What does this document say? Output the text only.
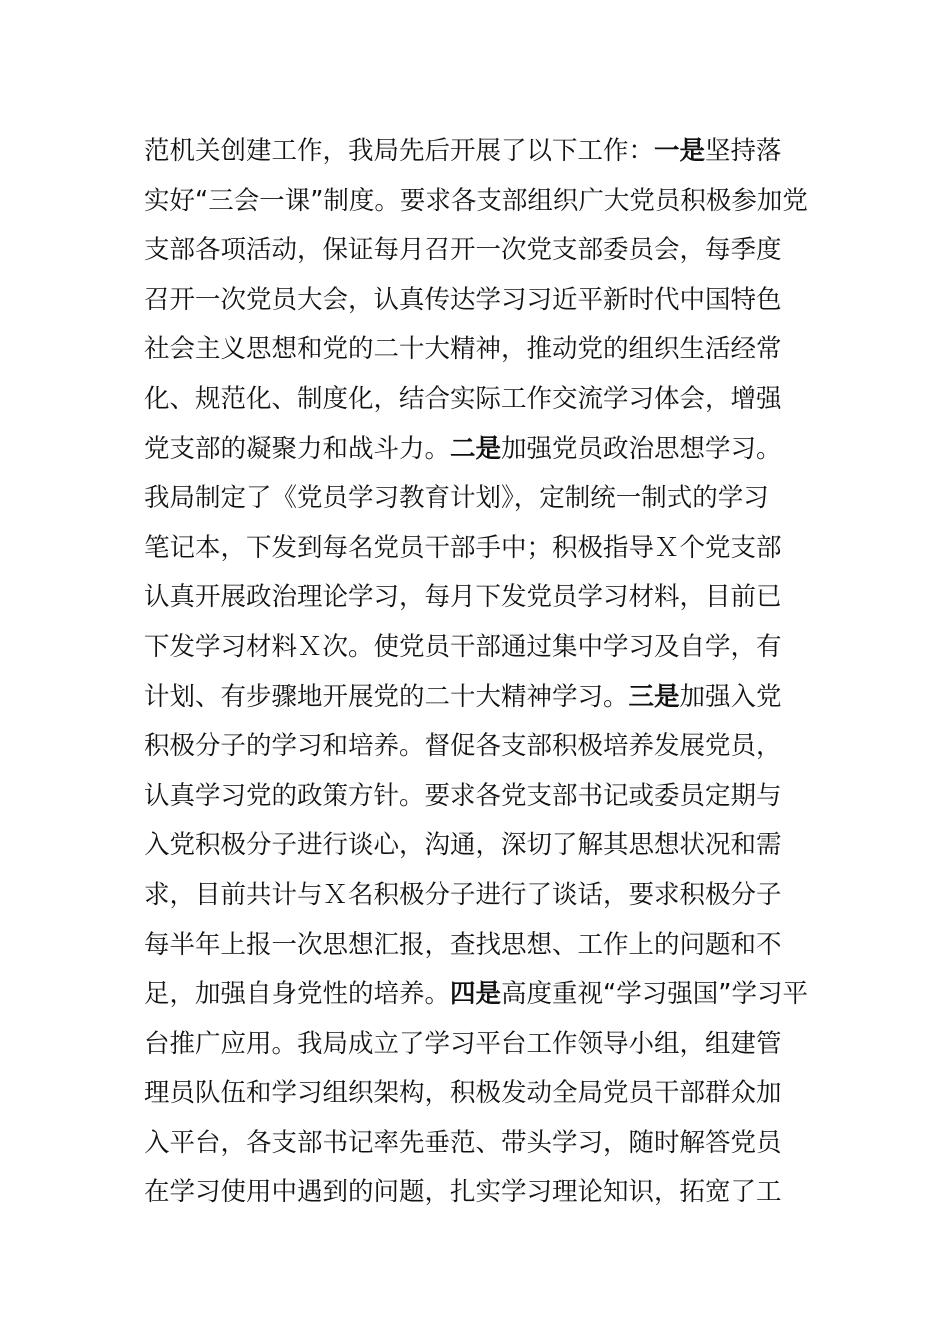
范机关创建工作，我局先后开展了以下工作：一是坚持落
实好“三会一课”制度。要求各支部组织广大党员积极参加党
支部各项活动，保证每月召开一次党支部委员会，每季度
召开一次党员大会，认真传达学习习近平新时代中国特色
社会主义思想和党的二十大精神，推动党的组织生活经常
化、规范化、制度化，结合实际工作交流学习体会，增强
党支部的凝聚力和战斗力。二是加强党员政治思想学习。
我局制定了《党员学习教育计划》，定制统一制式的学习
笔记本，下发到每名党员干部手中；积极指导Ｘ个党支部
认真开展政治理论学习，每月下发党员学习材料，目前已
下发学习材料Ｘ次。使党员干部通过集中学习及自学，有
计划、有步骤地开展党的二十大精神学习。三是加强入党
积极分子的学习和培养。督促各支部积极培养发展党员，
认真学习党的政策方针。要求各党支部书记或委员定期与
入党积极分子进行谈心，沟通，深切了解其思想状况和需
求，目前共计与Ｘ名积极分子进行了谈话，要求积极分子
每半年上报一次思想汇报，查找思想、工作上的问题和不
足，加强自身党性的培养。四是高度重视“学习强国”学习平
台推广应用。我局成立了学习平台工作领导小组，组建管
理员队伍和学习组织架构，积极发动全局党员干部群众加
入平台，各支部书记率先垂范、带头学习，随时解答党员
在学习使用中遇到的问题，扎实学习理论知识，拓宽了工
